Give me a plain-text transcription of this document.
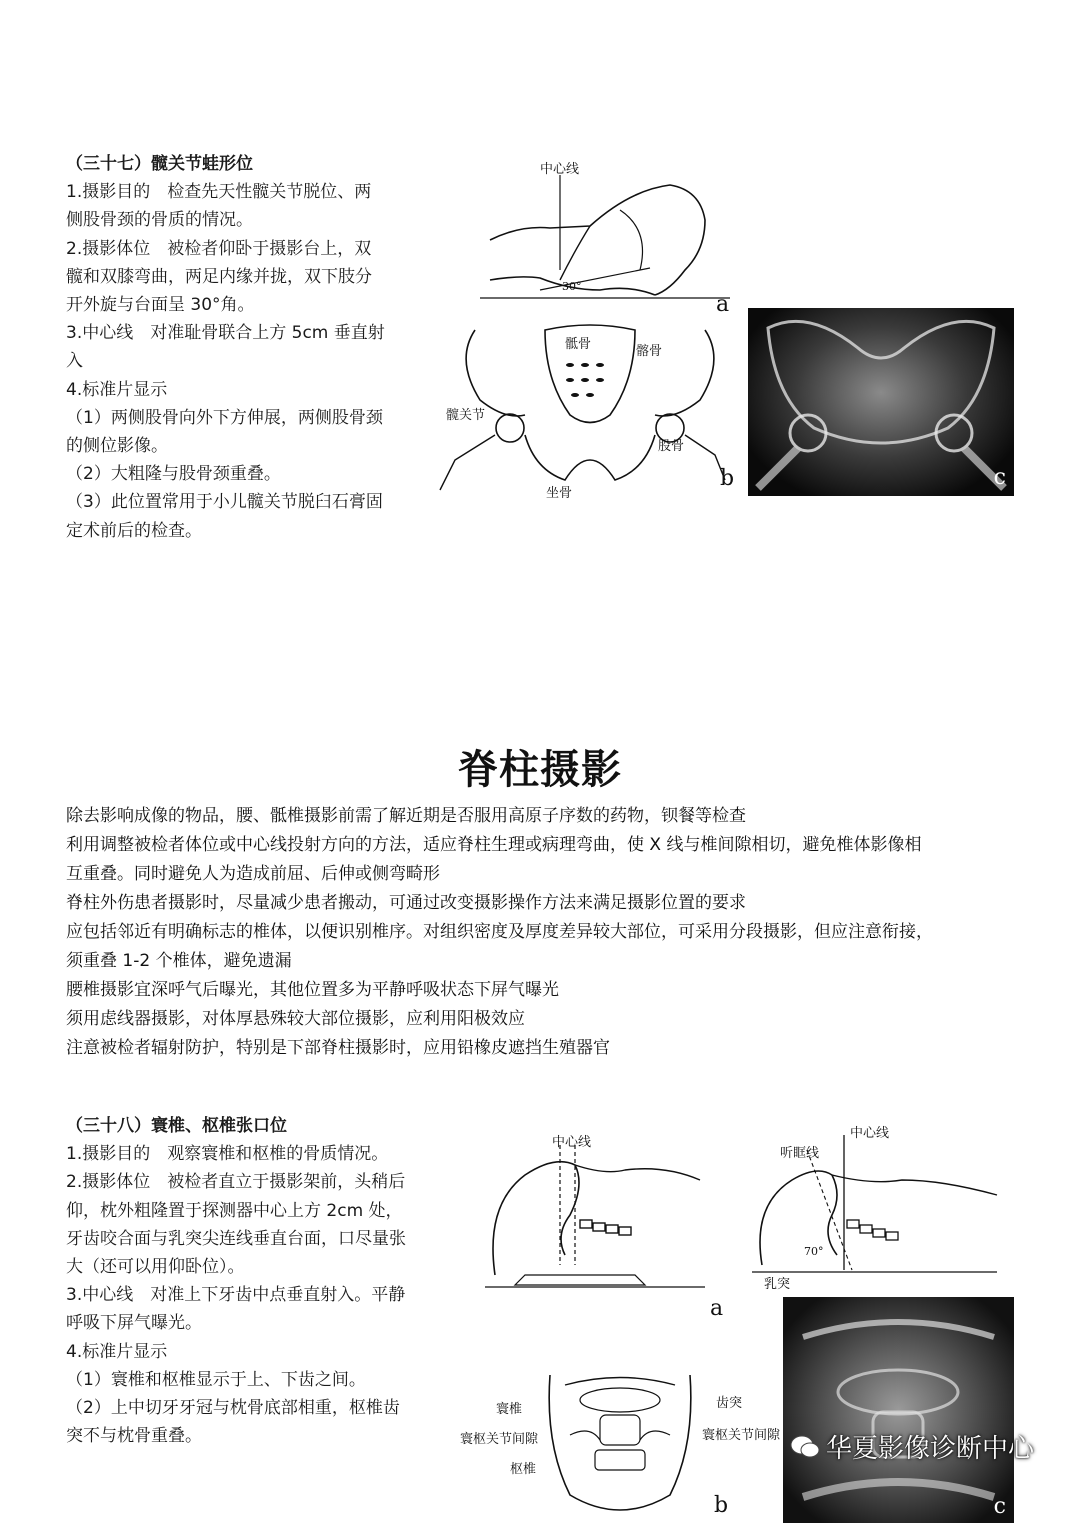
（三十七）髋关节蛙形位

1.摄影目的　检查先天性髋关节脱位、两

侧股骨颈的骨质的情况。

2.摄影体位　被检者仰卧于摄影台上，双

髋和双膝弯曲，两足内缘并拢，双下肢分

开外旋与台面呈 30°角。

3.中心线　对准耻骨联合上方 5cm 垂直射

入

4.标准片显示

（1）两侧股骨向外下方伸展，两侧股骨颈

的侧位影像。

（2）大粗隆与股骨颈重叠。

（3）此位置常用于小儿髋关节脱臼石膏固

定术前后的检查。

中心线
30°
a
骶骨	髂骨
髋关节
股骨
坐骨
b	c
脊柱摄影

除去影响成像的物品，腰、骶椎摄影前需了解近期是否服用高原子序数的药物，钡餐等检查

利用调整被检者体位或中心线投射方向的方法，适应脊柱生理或病理弯曲，使 X 线与椎间隙相切，避免椎体影像相

互重叠。同时避免人为造成前屈、后伸或侧弯畸形

脊柱外伤患者摄影时，尽量减少患者搬动，可通过改变摄影操作方法来满足摄影位置的要求

应包括邻近有明确标志的椎体，以便识别椎序。对组织密度及厚度差异较大部位，可采用分段摄影，但应注意衔接，

须重叠 1-2 个椎体，避免遗漏

腰椎摄影宜深呼气后曝光，其他位置多为平静呼吸状态下屏气曝光

须用虑线器摄影，对体厚悬殊较大部位摄影，应利用阳极效应

注意被检者辐射防护，特别是下部脊柱摄影时，应用铅橡皮遮挡生殖器官

（三十八）寰椎、枢椎张口位

1.摄影目的　观察寰椎和枢椎的骨质情况。

2.摄影体位　被检者直立于摄影架前，头稍后

仰，枕外粗隆置于探测器中心上方 2cm 处，

牙齿咬合面与乳突尖连线垂直台面，口尽量张

大（还可以用仰卧位）。

3.中心线　对准上下牙齿中点垂直射入。平静

呼吸下屏气曝光。

4.标准片显示

（1）寰椎和枢椎显示于上、下齿之间。

（2）上中切牙牙冠与枕骨底部相重，枢椎齿

突不与枕骨重叠。

中心线
中心线
听眶线
70°
乳突
a
寰椎	齿突
寰枢关节间隙	寰枢关节间隙
枢椎
b	c
华夏影像诊断中心
